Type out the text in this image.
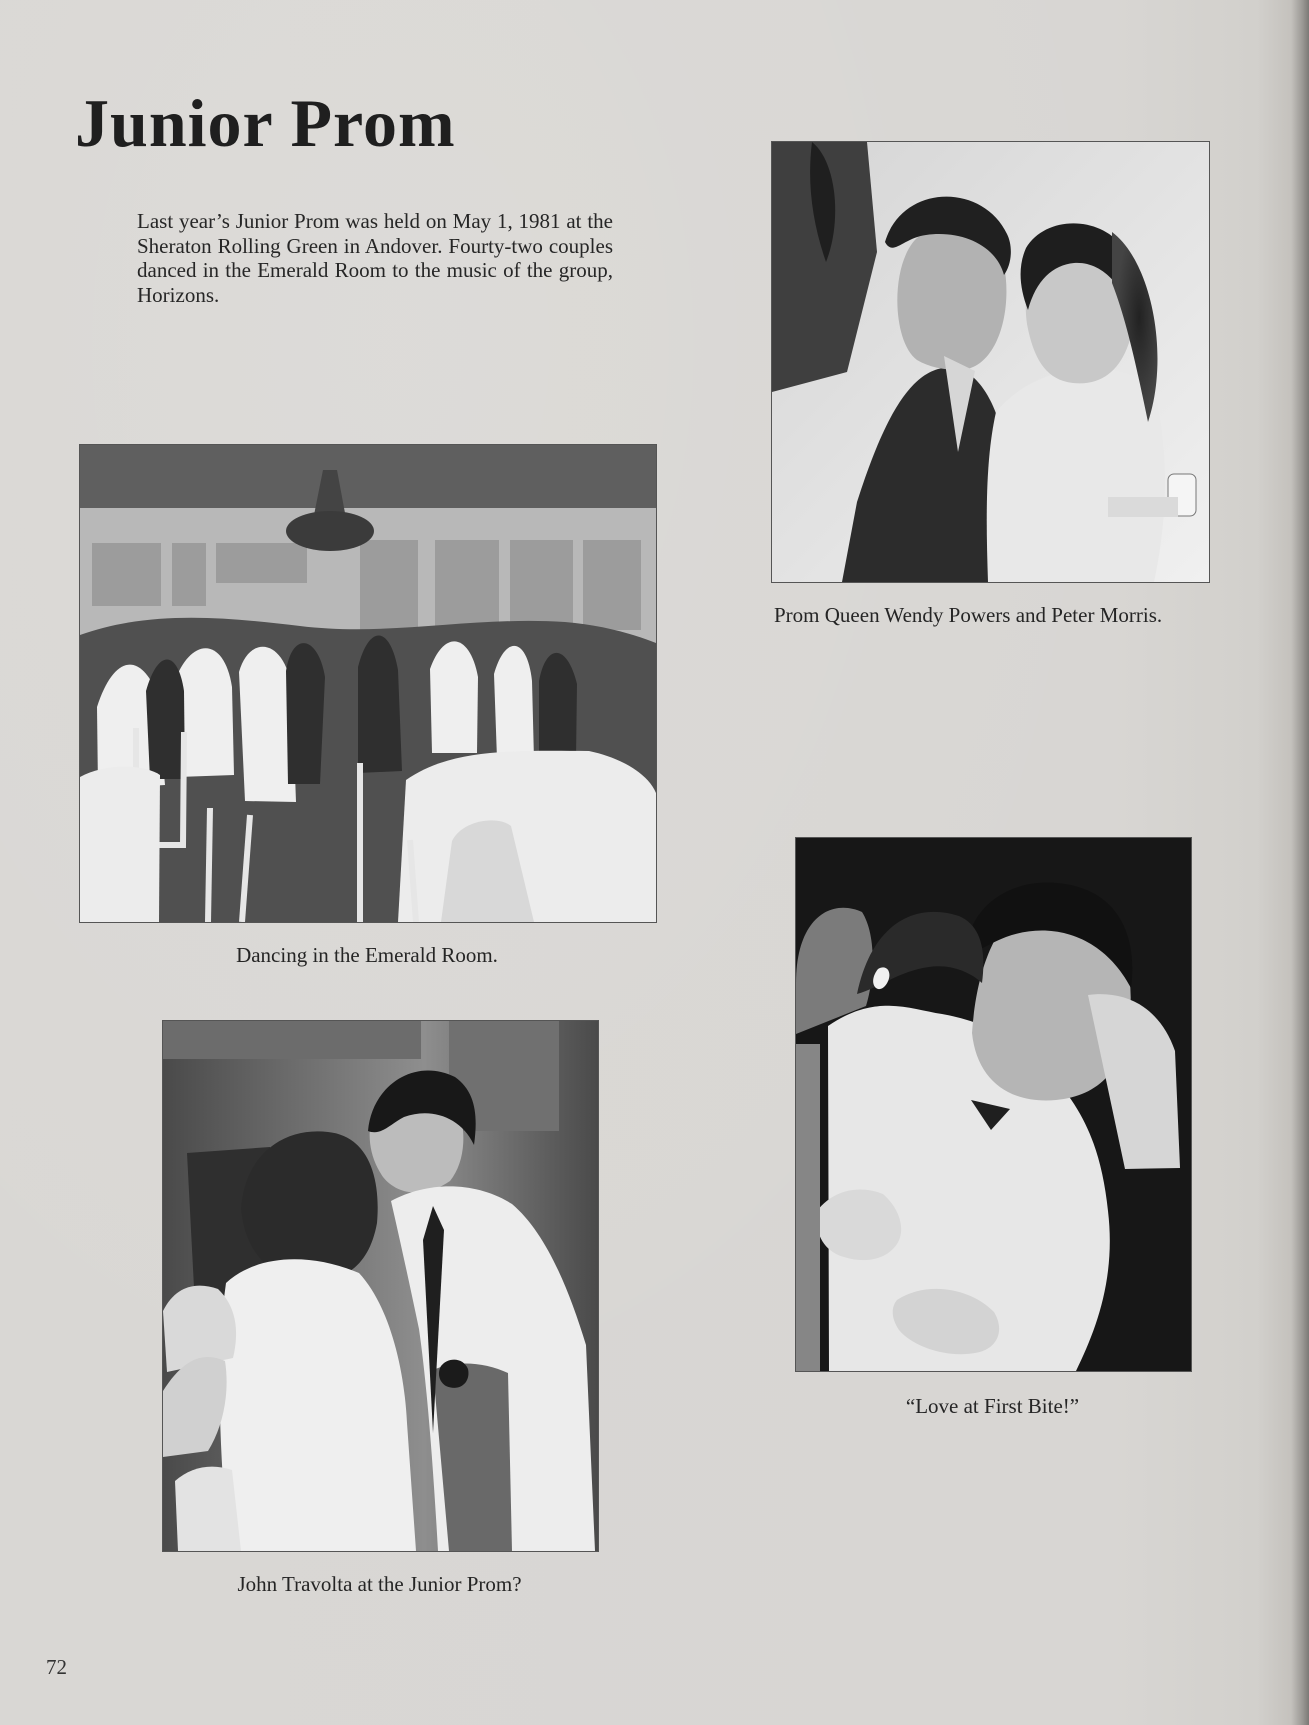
Junior Prom

Last year’s Junior Prom was held on May 1, 1981 at the Sheraton Rolling Green in Andover. Fourty-two couples danced in the Emerald Room to the music of the group, Horizons.

Prom Queen Wendy Powers and Peter Morris.

Dancing in the Emerald Room.

“Love at First Bite!”

John Travolta at the Junior Prom?

72
